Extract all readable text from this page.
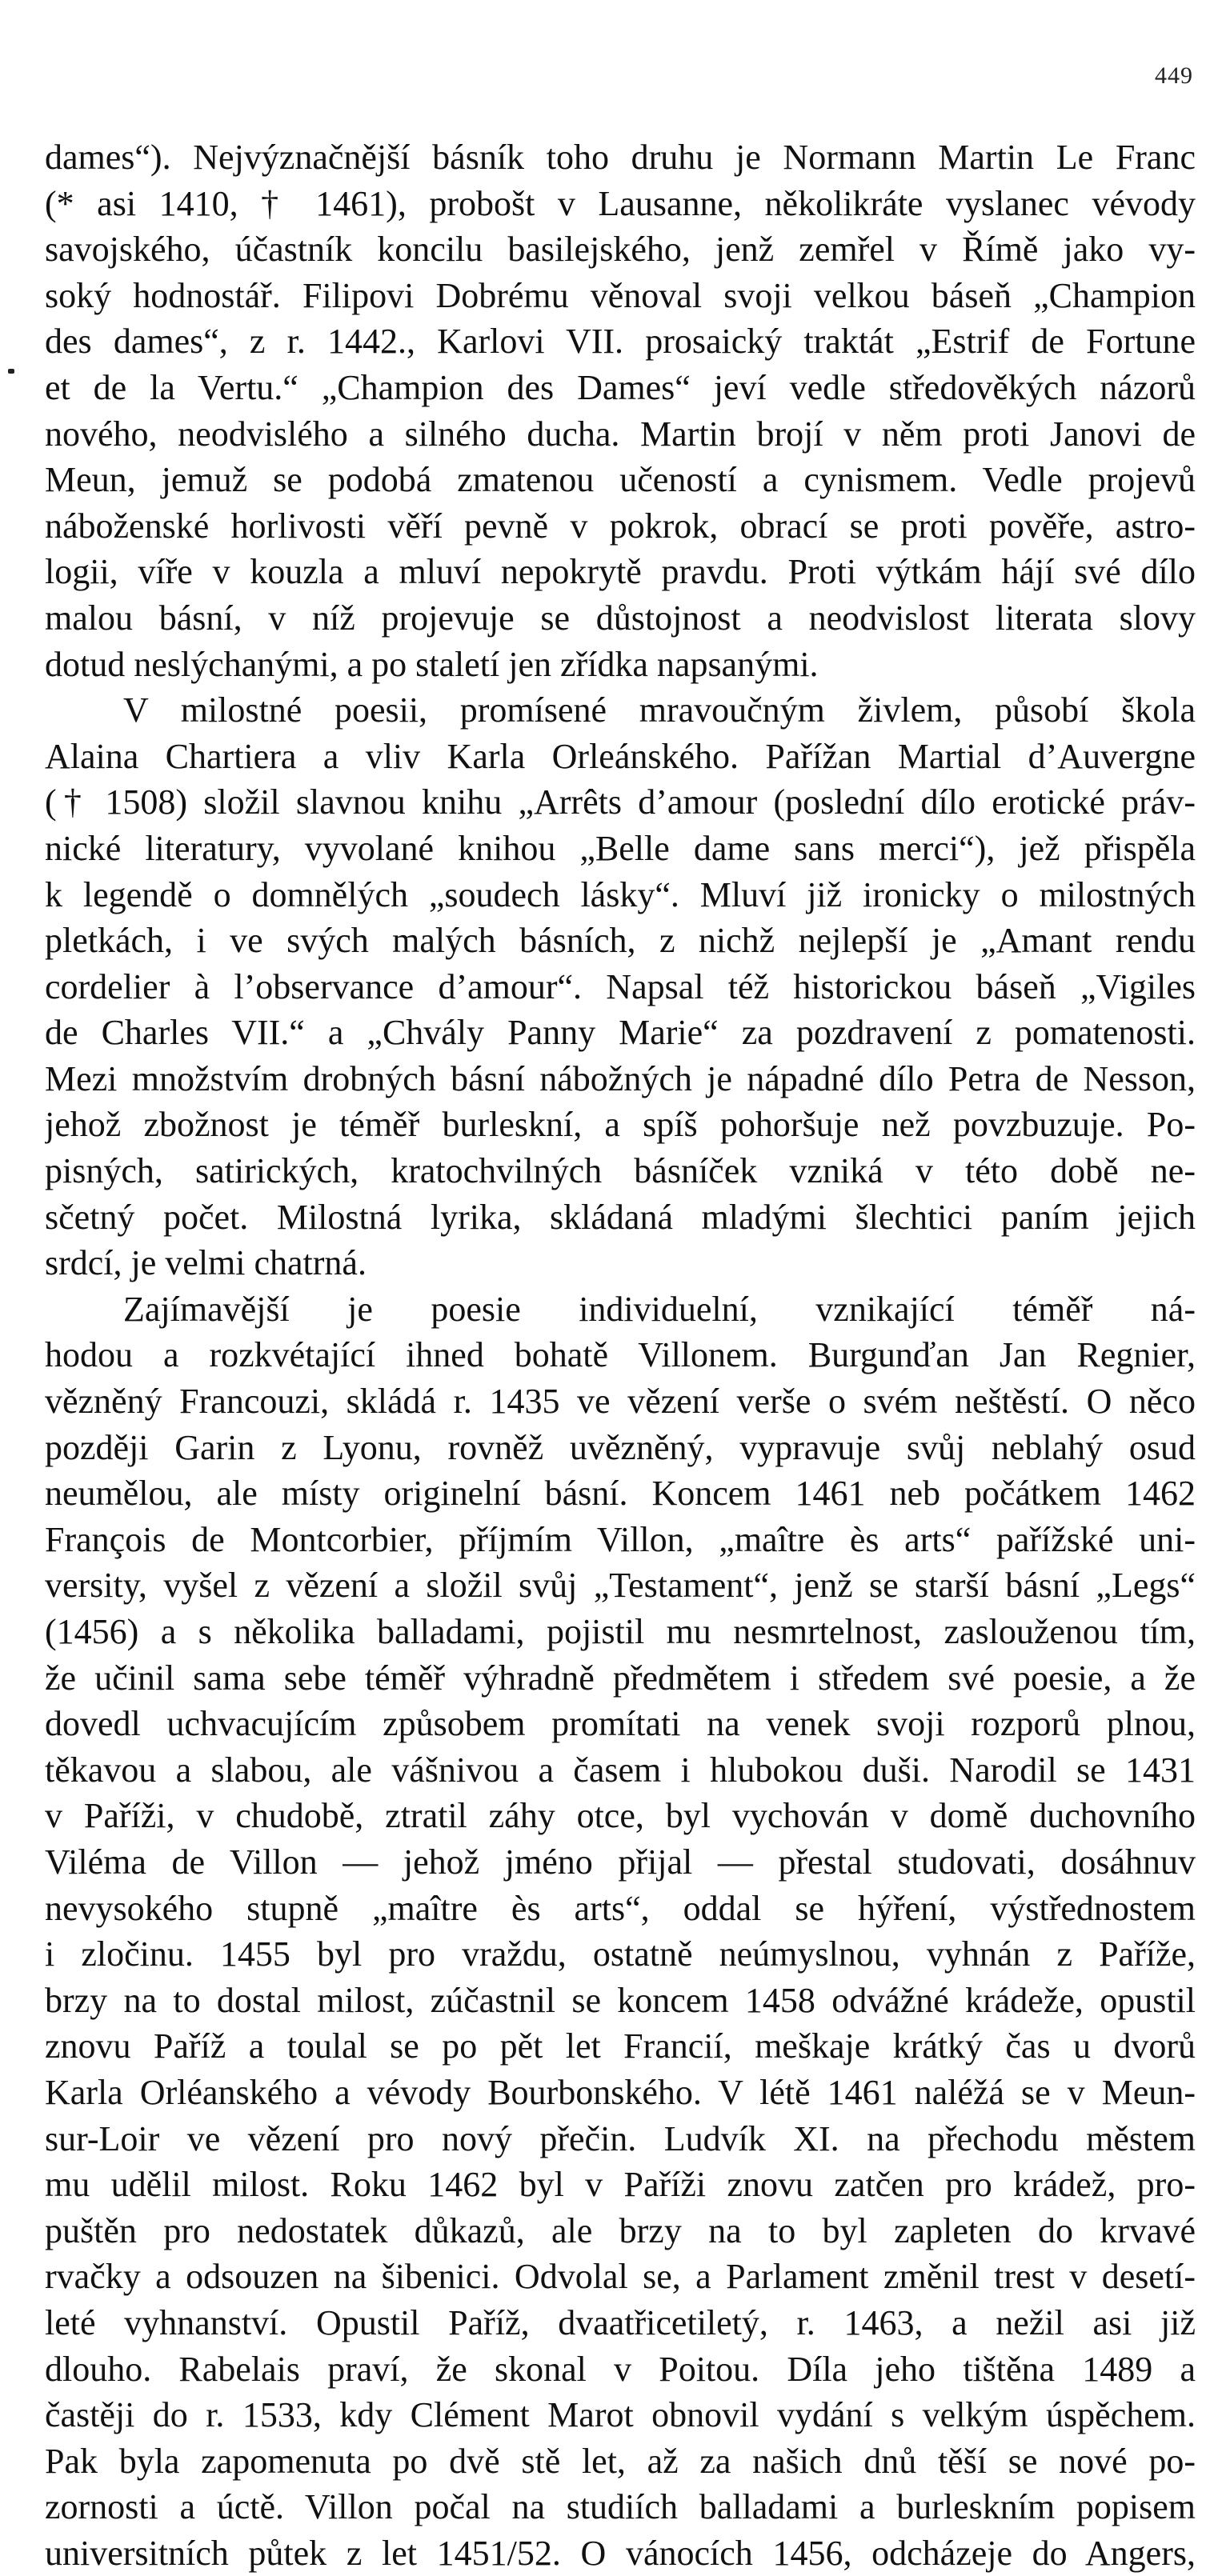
449
dames“). Nejvýznačnější básník toho druhu je Normann Martin Le Franc
(* asi 1410, † 1461), probošt v Lausanne, několikráte vyslanec vévody
savojského, účastník koncilu basilejského, jenž zemřel v Římě jako vy-
soký hodnostář. Filipovi Dobrému věnoval svoji velkou báseň „Champion
des dames“, z r. 1442., Karlovi VII. prosaický traktát „Estrif de Fortune
et de la Vertu.“ „Champion des Dames“ jeví vedle středověkých názorů
nového, neodvislého a silného ducha. Martin brojí v něm proti Janovi de
Meun, jemuž se podobá zmatenou učeností a cynismem. Vedle projevů
náboženské horlivosti věří pevně v pokrok, obrací se proti pověře, astro-
logii, víře v kouzla a mluví nepokrytě pravdu. Proti výtkám hájí své dílo
malou básní, v níž projevuje se důstojnost a neodvislost literata slovy
dotud neslýchanými, a po staletí jen zřídka napsanými.
V milostné poesii, promísené mravoučným živlem, působí škola
Alaina Chartiera a vliv Karla Orleánského. Pařížan Martial d’Auvergne
(† 1508) složil slavnou knihu „Arrêts d’amour (poslední dílo erotické práv-
nické literatury, vyvolané knihou „Belle dame sans merci“), jež přispěla
k legendě o domnělých „soudech lásky“. Mluví již ironicky o milostných
pletkách, i ve svých malých básních, z nichž nejlepší je „Amant rendu
cordelier à l’observance d’amour“. Napsal též historickou báseň „Vigiles
de Charles VII.“ a „Chvály Panny Marie“ za pozdravení z pomatenosti.
Mezi množstvím drobných básní nábožných je nápadné dílo Petra de Nesson,
jehož zbožnost je téměř burleskní, a spíš pohoršuje než povzbuzuje. Po-
pisných, satirických, kratochvilných básníček vzniká v této době ne-
sčetný počet. Milostná lyrika, skládaná mladými šlechtici paním jejich
srdcí, je velmi chatrná.
Zajímavější je poesie individuelní, vznikající téměř ná-
hodou a rozkvétající ihned bohatě Villonem. Burgunďan Jan Regnier,
vězněný Francouzi, skládá r. 1435 ve vězení verše o svém neštěstí. O něco
později Garin z Lyonu, rovněž uvězněný, vypravuje svůj neblahý osud
neumělou, ale místy originelní básní. Koncem 1461 neb počátkem 1462
François de Montcorbier, příjmím Villon, „maître ès arts“ pařížské uni-
versity, vyšel z vězení a složil svůj „Testament“, jenž se starší básní „Legs“
(1456) a s několika balladami, pojistil mu nesmrtelnost, zaslouženou tím,
že učinil sama sebe téměř výhradně předmětem i středem své poesie, a že
dovedl uchvacujícím způsobem promítati na venek svoji rozporů plnou,
těkavou a slabou, ale vášnivou a časem i hlubokou duši. Narodil se 1431
v Paříži, v chudobě, ztratil záhy otce, byl vychován v domě duchovního
Viléma de Villon — jehož jméno přijal — přestal studovati, dosáhnuv
nevysokého stupně „maître ès arts“, oddal se hýření, výstřednostem
i zločinu. 1455 byl pro vraždu, ostatně neúmyslnou, vyhnán z Paříže,
brzy na to dostal milost, zúčastnil se koncem 1458 odvážné krádeže, opustil
znovu Paříž a toulal se po pět let Francií, meškaje krátký čas u dvorů
Karla Orléanského a vévody Bourbonského. V létě 1461 naléžá se v Meun-
sur-Loir ve vězení pro nový přečin. Ludvík XI. na přechodu městem
mu udělil milost. Roku 1462 byl v Paříži znovu zatčen pro krádež, pro-
puštěn pro nedostatek důkazů, ale brzy na to byl zapleten do krvavé
rvačky a odsouzen na šibenici. Odvolal se, a Parlament změnil trest v desetí-
leté vyhnanství. Opustil Paříž, dvaatřicetiletý, r. 1463, a nežil asi již
dlouho. Rabelais praví, že skonal v Poitou. Díla jeho tištěna 1489 a
častěji do r. 1533, kdy Clément Marot obnovil vydání s velkým úspěchem.
Pak byla zapomenuta po dvě stě let, až za našich dnů těší se nové po-
zornosti a úctě. Villon počal na studiích balladami a burleskním popisem
universitních půtek z let 1451/52. O vánocích 1456, odcházeje do Angers,
